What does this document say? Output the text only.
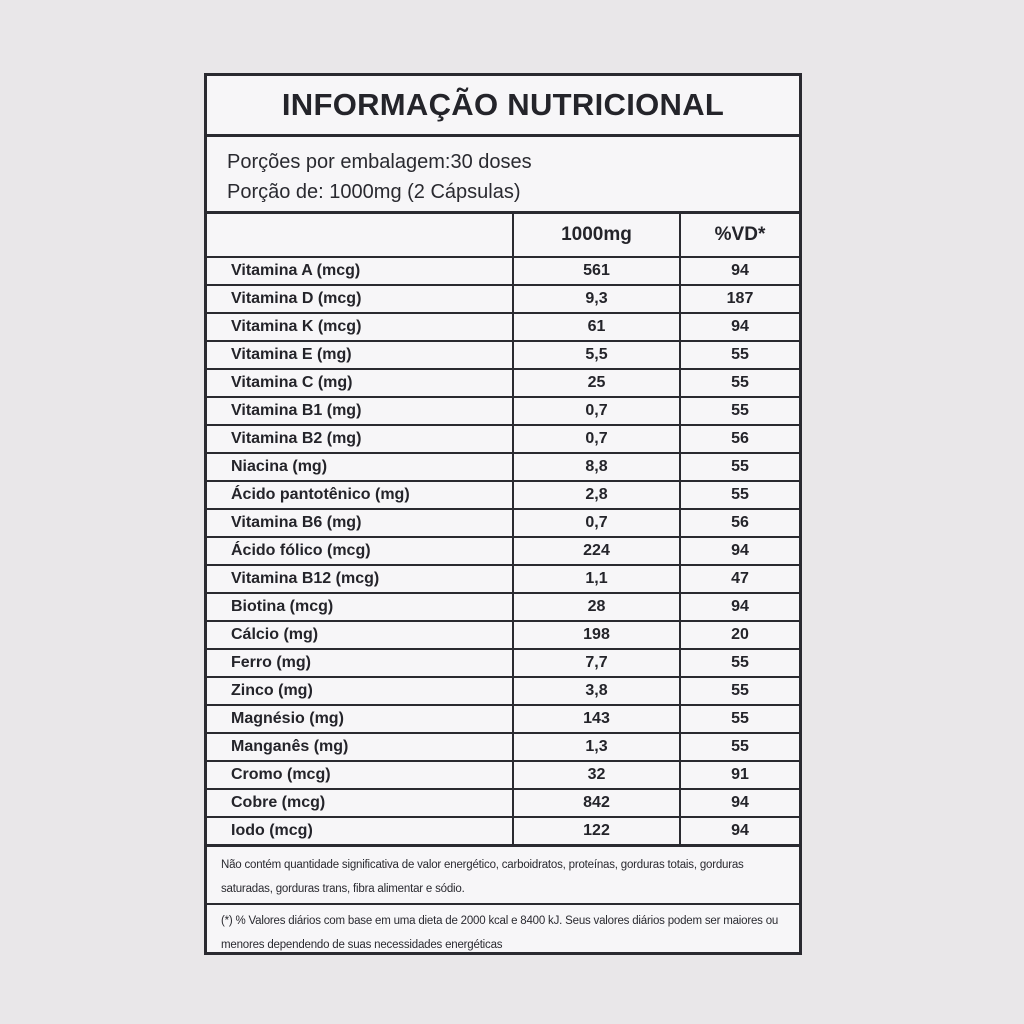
INFORMAÇÃO NUTRICIONAL
Porções por embalagem:30 doses
Porção de: 1000mg (2 Cápsulas)
	1000mg	%VD*
Vitamina A (mcg)	561	94
Vitamina D (mcg)	9,3	187
Vitamina K (mcg)	61	94
Vitamina E (mg)	5,5	55
Vitamina C (mg)	25	55
Vitamina B1 (mg)	0,7	55
Vitamina B2 (mg)	0,7	56
Niacina (mg)	8,8	55
Ácido pantotênico (mg)	2,8	55
Vitamina B6 (mg)	0,7	56
Ácido fólico (mcg)	224	94
Vitamina B12 (mcg)	1,1	47
Biotina (mcg)	28	94
Cálcio (mg)	198	20
Ferro (mg)	7,7	55
Zinco (mg)	3,8	55
Magnésio (mg)	143	55
Manganês (mg)	1,3	55
Cromo (mcg)	32	91
Cobre (mcg)	842	94
Iodo (mcg)	122	94
Não contém quantidade significativa de valor energético, carboidratos, proteínas, gorduras totais, gorduras saturadas, gorduras trans, fibra alimentar e sódio.
(*) % Valores diários com base em uma dieta de 2000 kcal e 8400 kJ. Seus valores diários podem ser maiores ou menores dependendo de suas necessidades energéticas
